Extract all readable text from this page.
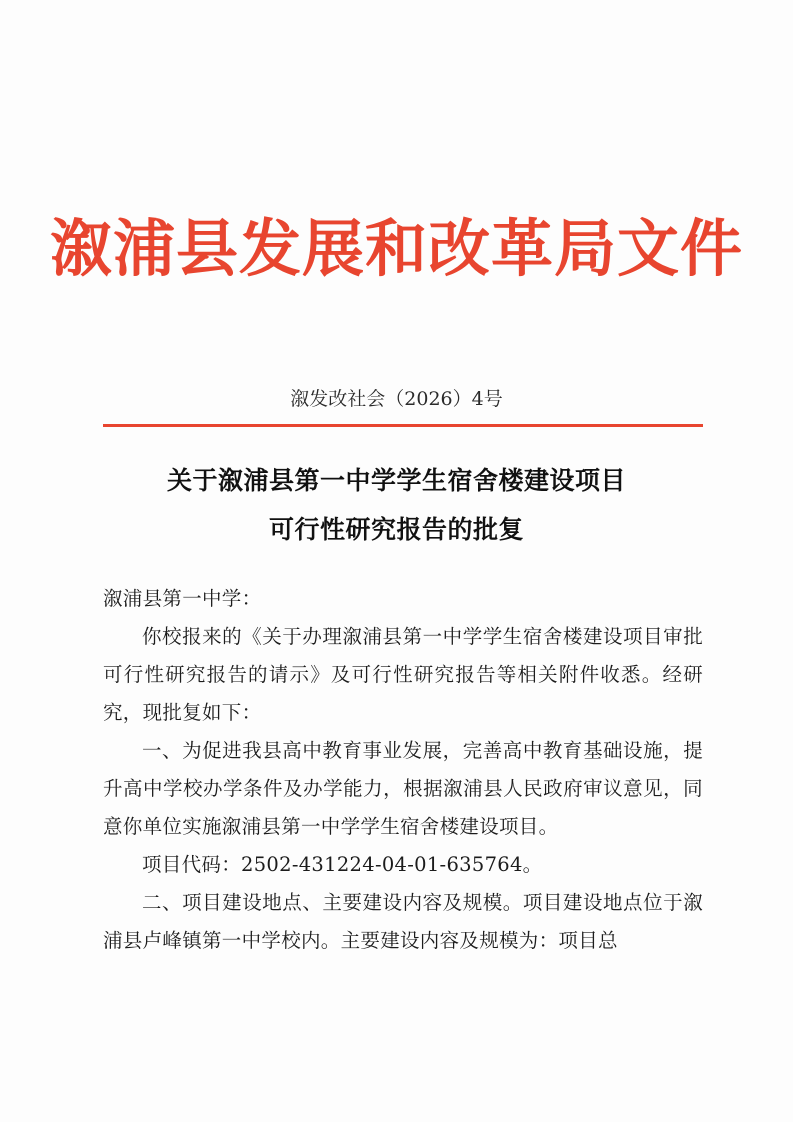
溆浦县发展和改革局文件
溆发改社会（2026）4号
关于溆浦县第一中学学生宿舍楼建设项目
可行性研究报告的批复

溆浦县第一中学：

你校报来的《关于办理溆浦县第一中学学生宿舍楼建设项目审批可行性研究报告的请示》及可行性研究报告等相关附件收悉。经研究，现批复如下：

一、为促进我县高中教育事业发展，完善高中教育基础设施，提升高中学校办学条件及办学能力，根据溆浦县人民政府审议意见，同意你单位实施溆浦县第一中学学生宿舍楼建设项目。

项目代码：2502-431224-04-01-635764。

二、项目建设地点、主要建设内容及规模。项目建设地点位于溆浦县卢峰镇第一中学校内。主要建设内容及规模为：项目总
